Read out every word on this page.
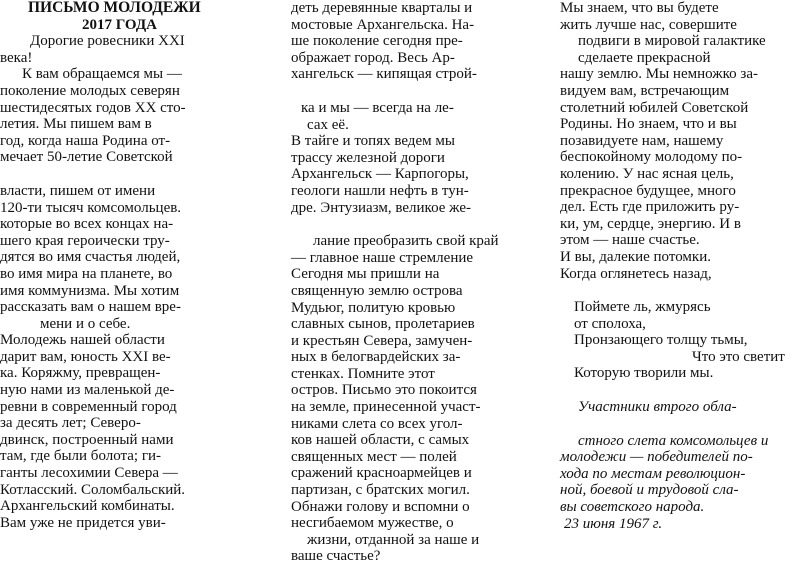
ПИСЬМО МОЛОДЕЖИ
2017 ГОДА
Дорогие ровесники XXI
века!
К вам обращаемся мы —
поколение молодых северян
шестидесятых годов XX сто-
летия. Мы пишем вам в
год, когда наша Родина от-
мечает 50-летие Советской
власти, пишем от имени
120-ти тысяч комсомольцев.
которые во всех концах на-
шего края героически тру-
дятся во имя счастья людей,
во имя мира на планете, во
имя коммунизма. Мы хотим
рассказать вам о нашем вре-
мени и о себе.
Молодежь нашей области
дарит вам, юность XXI ве-
ка. Коряжму, превращен-
ную нами из маленькой де-
ревни в современный город
за десять лет; Северо-
двинск, построенный нами
там, где были болота; ги-
ганты лесохимии Севера —
Котласский. Соломбальский.
Архангельский комбинаты.
Вам уже не придется уви-
деть деревянные кварталы и
мостовые Архангельска. На-
ше поколение сегодня пре-
ображает город. Весь Ар-
хангельск — кипящая строй-
ка и мы — всегда на ле-
сах её.
В тайге и топях ведем мы
трассу железной дороги
Архангельск — Карпогоры,
геологи нашли нефть в тун-
дре. Энтузиазм, великое же-
лание преобразить свой край
— главное наше стремление
Сегодня мы пришли на
священную землю острова
Мудьюг, политую кровью
славных сынов, пролетариев
и крестьян Севера, замучен-
ных в белогвардейских за-
стенках. Помните этот
остров. Письмо это покоится
на земле, принесенной участ-
никами слета со всех угол-
ков нашей области, с самых
священных мест — полей
сражений красноармейцев и
партизан, с братских могил.
Обнажи голову и вспомни о
несгибаемом мужестве, о
жизни, отданной за наше и
ваше счастье?
Мы знаем, что вы будете
жить лучше нас, совершите
подвиги в мировой галактике
сделаете прекрасной
нашу землю. Мы немножко за-
видуем вам, встречающим
столетний юбилей Советской
Родины. Но знаем, что и вы
позавидуете нам, нашему
беспокойному молодому по-
колению. У нас ясная цель,
прекрасное будущее, много
дел. Есть где приложить ру-
ки, ум, сердце, энергию. И в
этом — наше счастье.
И вы, далекие потомки.
Когда оглянетесь назад,
Поймете ль, жмурясь
от сполоха,
Пронзающего толщу тьмы,
Что это светит
Которую творили мы.
Участники втрого обла-
стного слета комсомольцев и
молодежи — победителей по-
хода по местам революцион-
ной, боевой и трудовой сла-
вы советского народа.
23 июня 1967 г.
